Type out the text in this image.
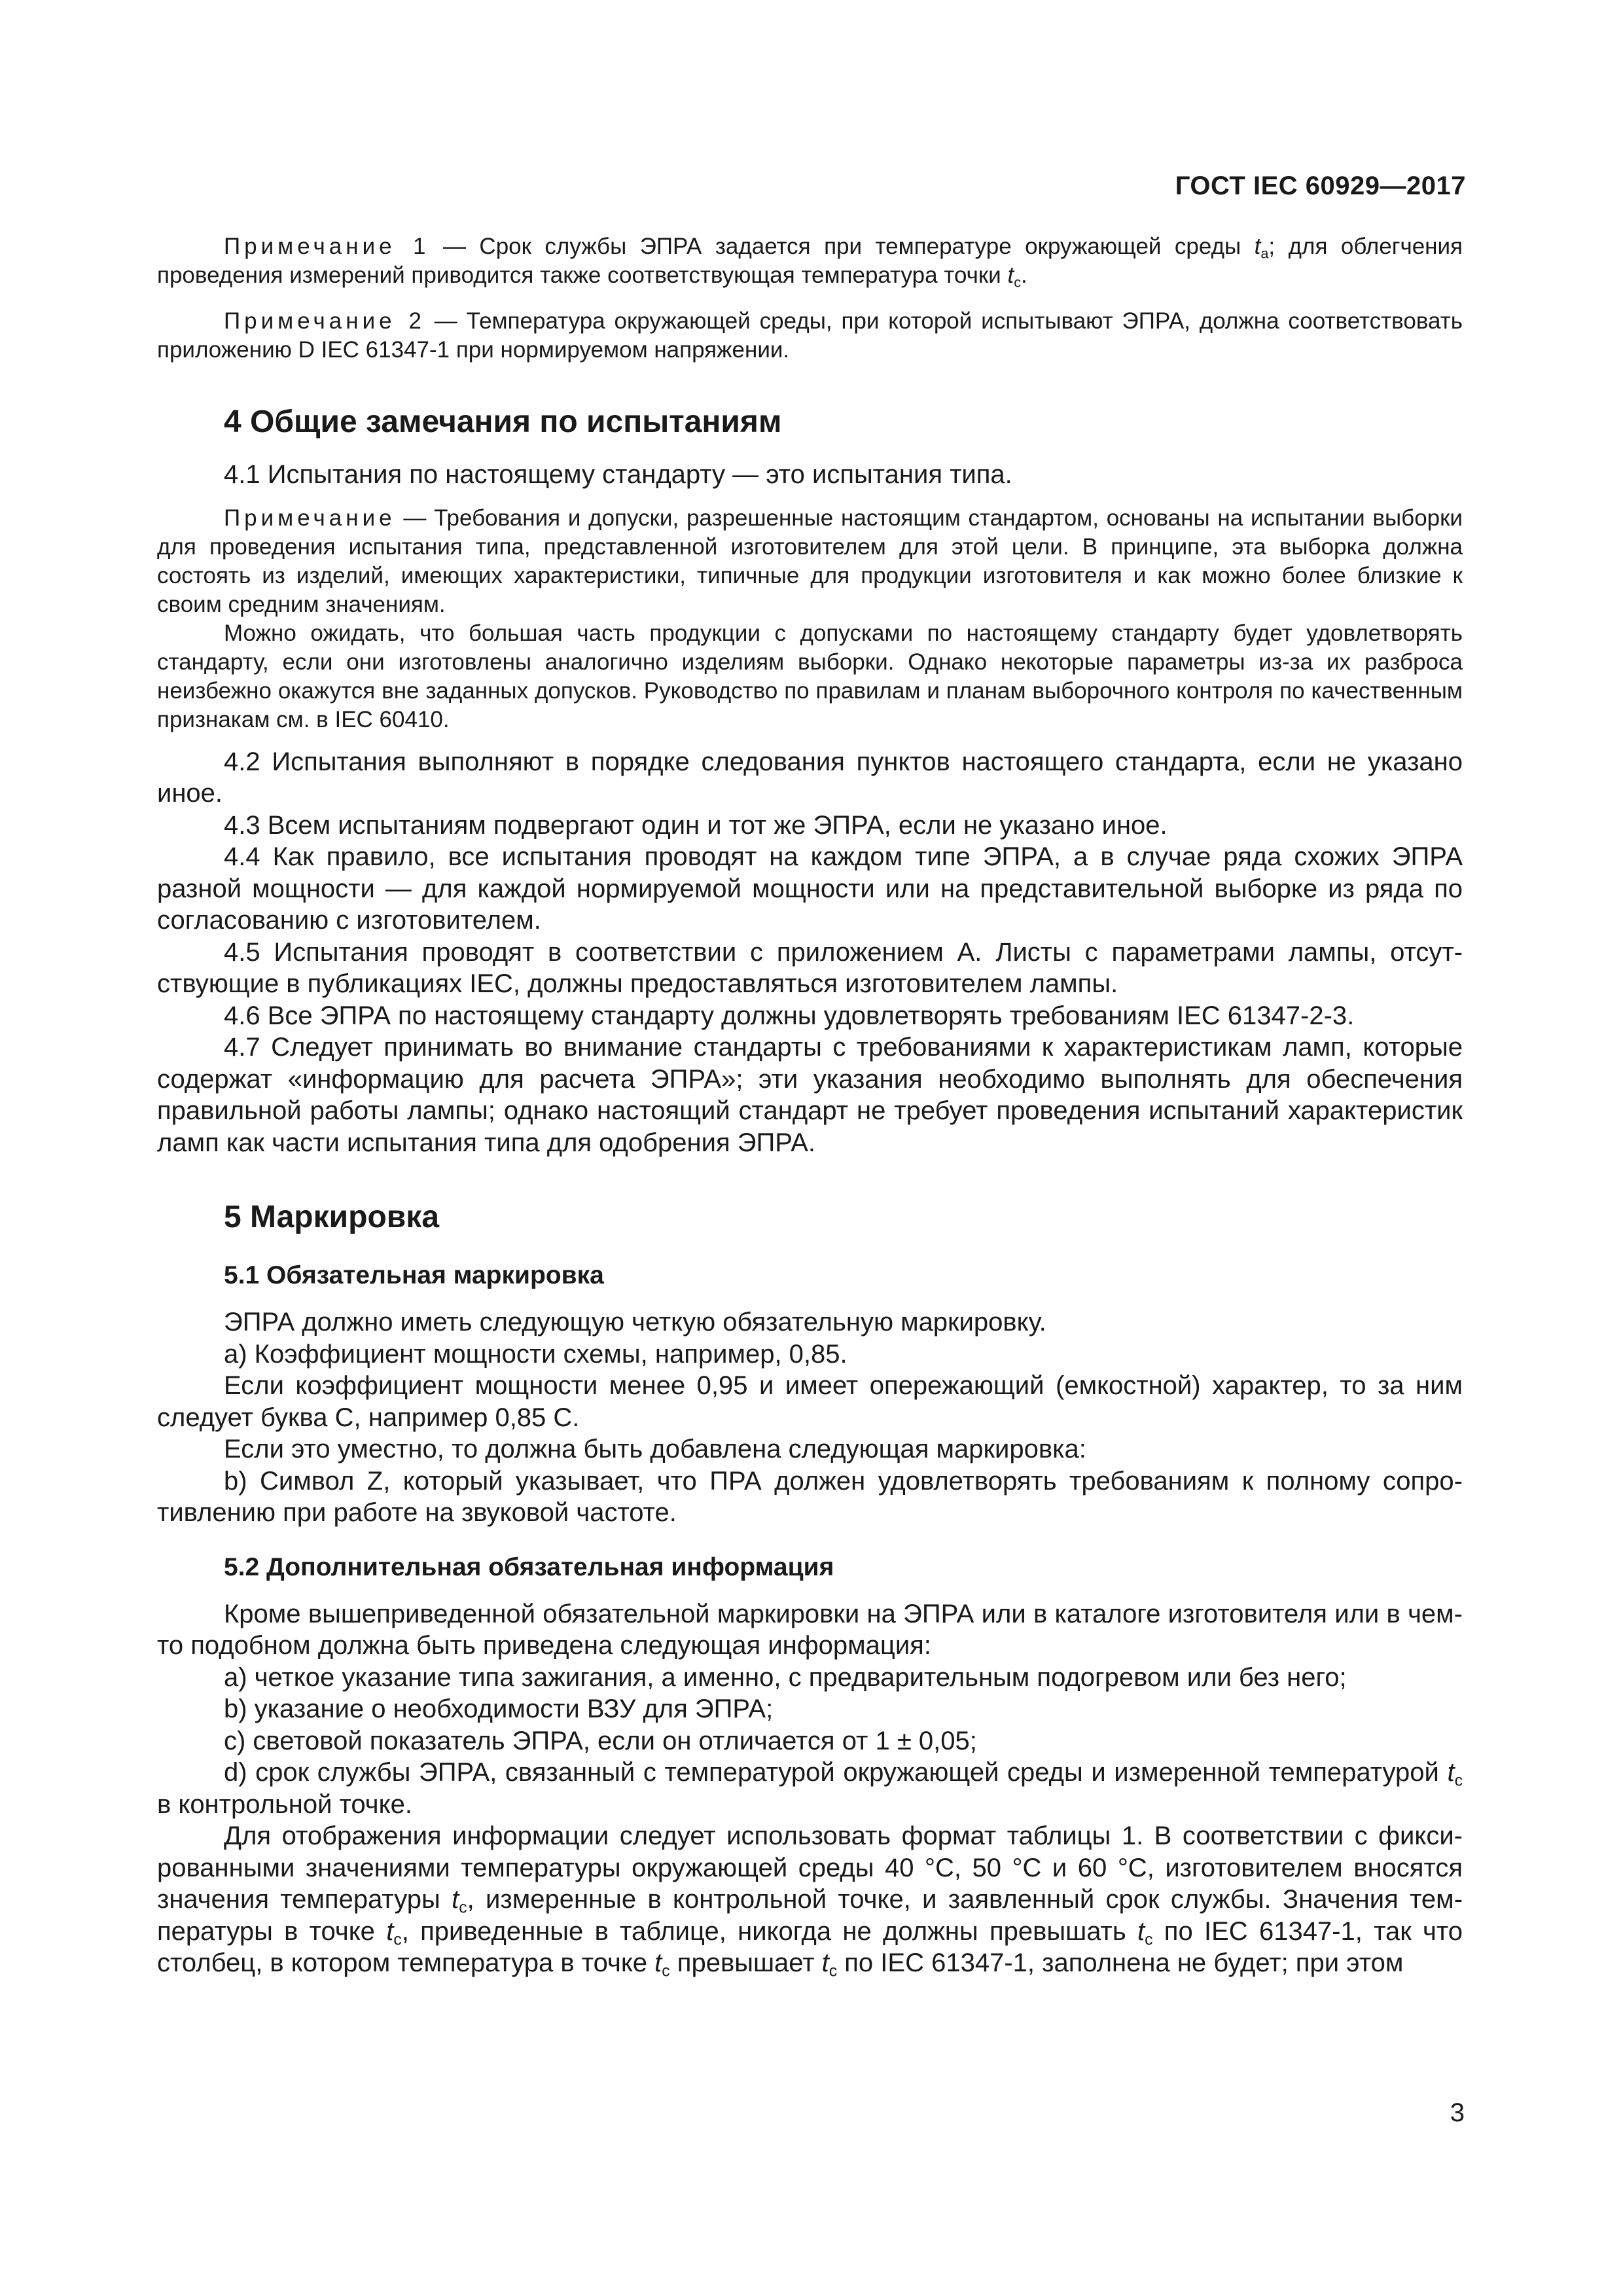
ГОСТ IEC 60929—2017

Примечание 1 — Срок службы ЭПРА задается при температуре окружающей среды $t_a$; для облегчения проведения измерений приводится также соответствующая температура точки $t_c$.

Примечание 2 — Температура окружающей среды, при которой испытывают ЭПРА, должна соответствовать приложению D IEC 61347-1 при нормируемом напряжении.

4 Общие замечания по испытаниям

4.1 Испытания по настоящему стандарту — это испытания типа.

Примечание — Требования и допуски, разрешенные настоящим стандартом, основаны на испытании выборки для проведения испытания типа, представленной изготовителем для этой цели. В принципе, эта выборка должна состоять из изделий, имеющих характеристики, типичные для продукции изготовителя и как можно более близкие к своим средним значениям.

Можно ожидать, что большая часть продукции с допусками по настоящему стандарту будет удовлетворять стандарту, если они изготовлены аналогично изделиям выборки. Однако некоторые параметры из-за их разброса неизбежно окажутся вне заданных допусков. Руководство по правилам и планам выборочного контроля по качественным признакам см. в IEC 60410.

4.2 Испытания выполняют в порядке следования пунктов настоящего стандарта, если не указано иное.

4.3 Всем испытаниям подвергают один и тот же ЭПРА, если не указано иное.

4.4 Как правило, все испытания проводят на каждом типе ЭПРА, а в случае ряда схожих ЭПРА разной мощности — для каждой нормируемой мощности или на представительной выборке из ряда по согласованию с изготовителем.

4.5 Испытания проводят в соответствии с приложением А. Листы с параметрами лампы, отсутствующие в публикациях IEC, должны предоставляться изготовителем лампы.

4.6 Все ЭПРА по настоящему стандарту должны удовлетворять требованиям IEC 61347-2-3.

4.7 Следует принимать во внимание стандарты с требованиями к характеристикам ламп, которые содержат «информацию для расчета ЭПРА»; эти указания необходимо выполнять для обеспечения правильной работы лампы; однако настоящий стандарт не требует проведения испытаний характеристик ламп как части испытания типа для одобрения ЭПРА.

5 Маркировка
5.1 Обязательная маркировка

ЭПРА должно иметь следующую четкую обязательную маркировку.

а) Коэффициент мощности схемы, например, 0,85.

Если коэффициент мощности менее 0,95 и имеет опережающий (емкостной) характер, то за ним следует буква С, например 0,85 С.

Если это уместно, то должна быть добавлена следующая маркировка:

b) Символ Z, который указывает, что ПРА должен удовлетворять требованиям к полному сопротивлению при работе на звуковой частоте.

5.2 Дополнительная обязательная информация

Кроме вышеприведенной обязательной маркировки на ЭПРА или в каталоге изготовителя или в чем-то подобном должна быть приведена следующая информация:

а) четкое указание типа зажигания, а именно, с предварительным подогревом или без него;

b) указание о необходимости ВЗУ для ЭПРА;

c) световой показатель ЭПРА, если он отличается от 1 ± 0,05;

d) срок службы ЭПРА, связанный с температурой окружающей среды и измеренной температурой $t_c$ в контрольной точке.

Для отображения информации следует использовать формат таблицы 1. В соответствии с фиксированными значениями температуры окружающей среды 40 °С, 50 °С и 60 °С, изготовителем вносятся значения температуры $t_c$, измеренные в контрольной точке, и заявленный срок службы. Значения температуры в точке $t_c$, приведенные в таблице, никогда не должны превышать $t_c$ по IEC 61347-1, так что столбец, в котором температура в точке $t_c$ превышает $t_c$ по IEC 61347-1, заполнена не будет; при этом

3
